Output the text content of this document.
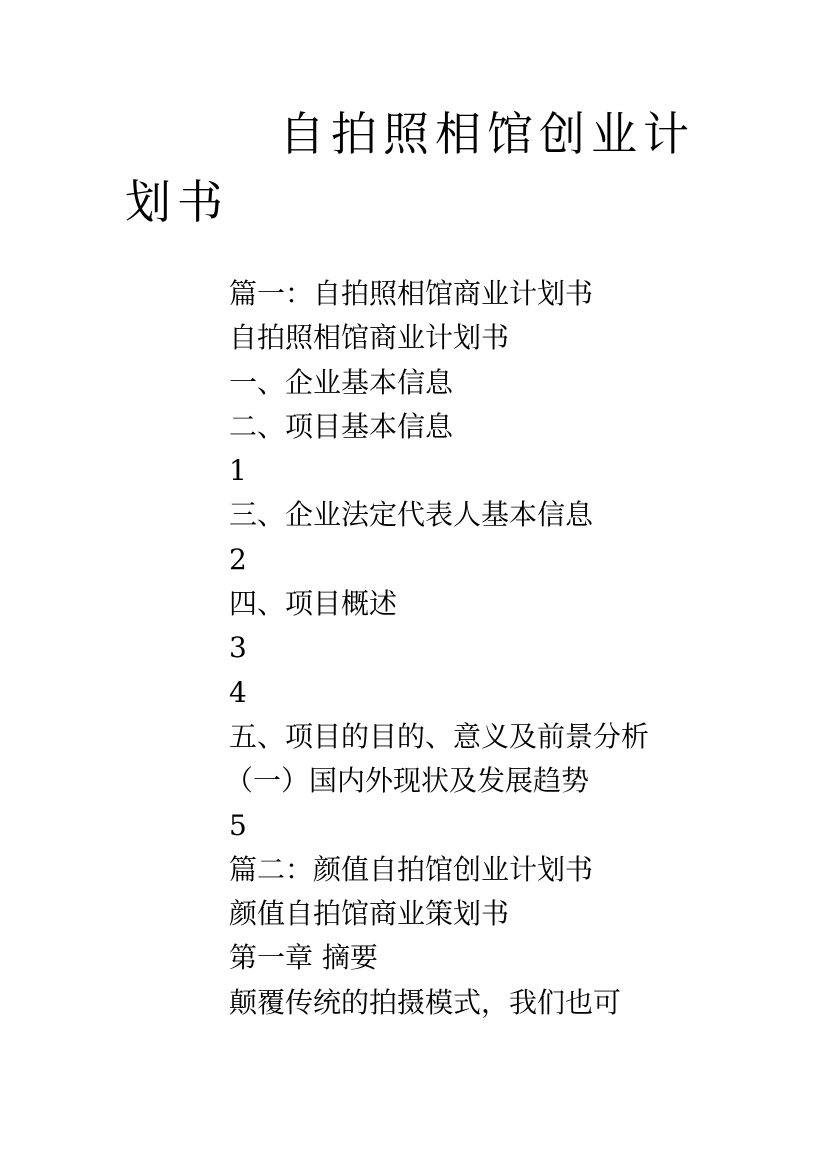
自拍照相馆创业计划书
篇一：自拍照相馆商业计划书
自拍照相馆商业计划书
一、企业基本信息
二、项目基本信息
1
三、企业法定代表人基本信息
2
四、项目概述
3
4
五、项目的目的、意义及前景分析
（一）国内外现状及发展趋势
5
篇二：颜值自拍馆创业计划书
颜值自拍馆商业策划书
第一章 摘要
颠覆传统的拍摄模式，我们也可
